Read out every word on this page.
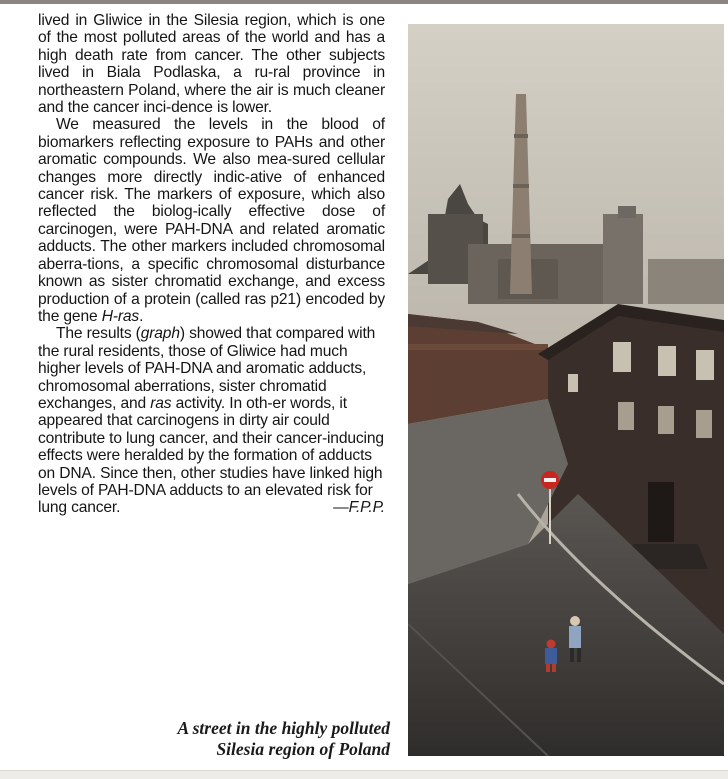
lived in Gliwice in the Silesia region, which is one of the most polluted areas of the world and has a high death rate from cancer. The other subjects lived in Biala Podlaska, a ru-ral province in northeastern Poland, where the air is much cleaner and the cancer inci-dence is lower.

We measured the levels in the blood of biomarkers reflecting exposure to PAHs and other aromatic compounds. We also mea-sured cellular changes more directly indic-ative of enhanced cancer risk. The markers of exposure, which also reflected the biolog-ically effective dose of carcinogen, were PAH-DNA and related aromatic adducts. The other markers included chromosomal aberra-tions, a specific chromosomal disturbance known as sister chromatid exchange, and excess production of a protein (called ras p21) encoded by the gene H-ras.

The results (graph) showed that compared with the rural residents, those of Gliwice had much higher levels of PAH-DNA and aromatic adducts, chromosomal aberrations, sister chromatid exchanges, and ras activity. In oth-er words, it appeared that carcinogens in dirty air could contribute to lung cancer, and their cancer-inducing effects were heralded by the formation of adducts on DNA. Since then, other studies have linked high levels of PAH-DNA adducts to an elevated risk for lung cancer.	—F.P.P.

A street in the highly polluted
Silesia region of Poland
